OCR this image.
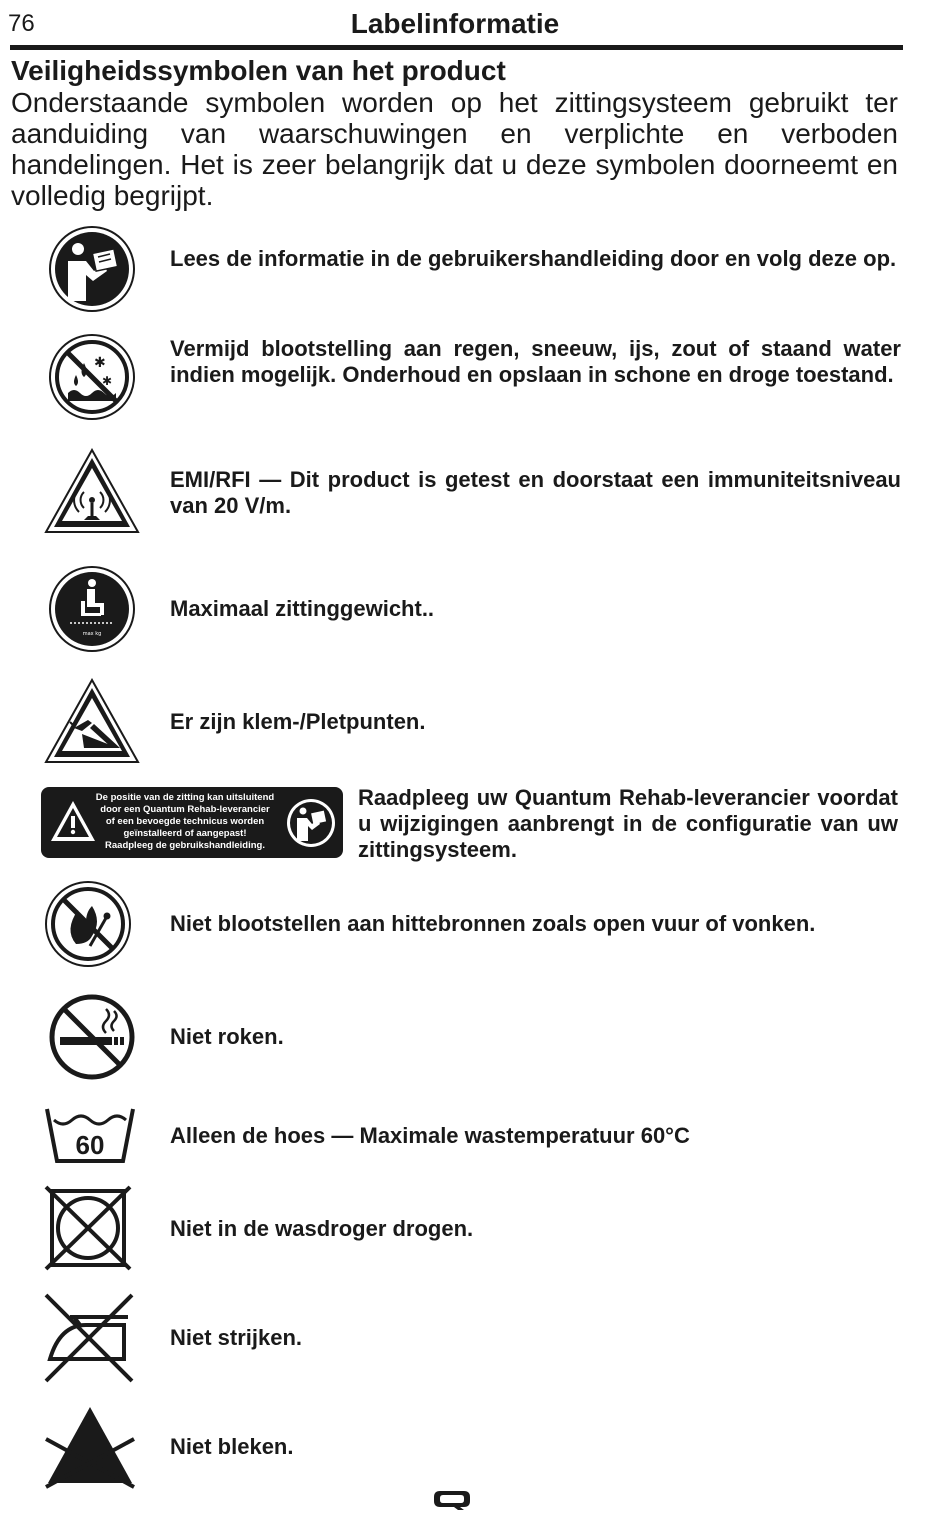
76	Labelinformatie
Veiligheidssymbolen van het product
Onderstaande symbolen worden op het zittingsysteem gebruikt ter aanduiding van waarschuwingen en verplichte en verboden handelingen. Het is zeer belangrijk dat u deze symbolen doorneemt en volledig begrijpt.
Lees de informatie in de gebruikershandleiding door en volg deze op.
✱
✱
Vermijd blootstelling aan regen, sneeuw, ijs, zout of staand water indien mogelijk. Onderhoud en opslaan in schone en droge toestand.
EMI/RFI — Dit product is getest en doorstaat een immuniteitsniveau van 20 V/m.
max kg
Maximaal zittinggewicht..
Er zijn klem-/Pletpunten.
De positie van de zitting kan uitsluitend
door een Quantum Rehab-leverancier
of een bevoegde technicus worden
geïnstalleerd of aangepast!
Raadpleeg de gebruikshandleiding.
Raadpleeg uw Quantum Rehab-leverancier voordat u wijzigingen aanbrengt in de configuratie van uw zittingsysteem.
Niet blootstellen aan hittebronnen zoals open vuur of vonken.
Niet roken.
60	Alleen de hoes — Maximale wastemperatuur 60°C
Niet in de wasdroger drogen.
Niet strijken.
Niet bleken.
